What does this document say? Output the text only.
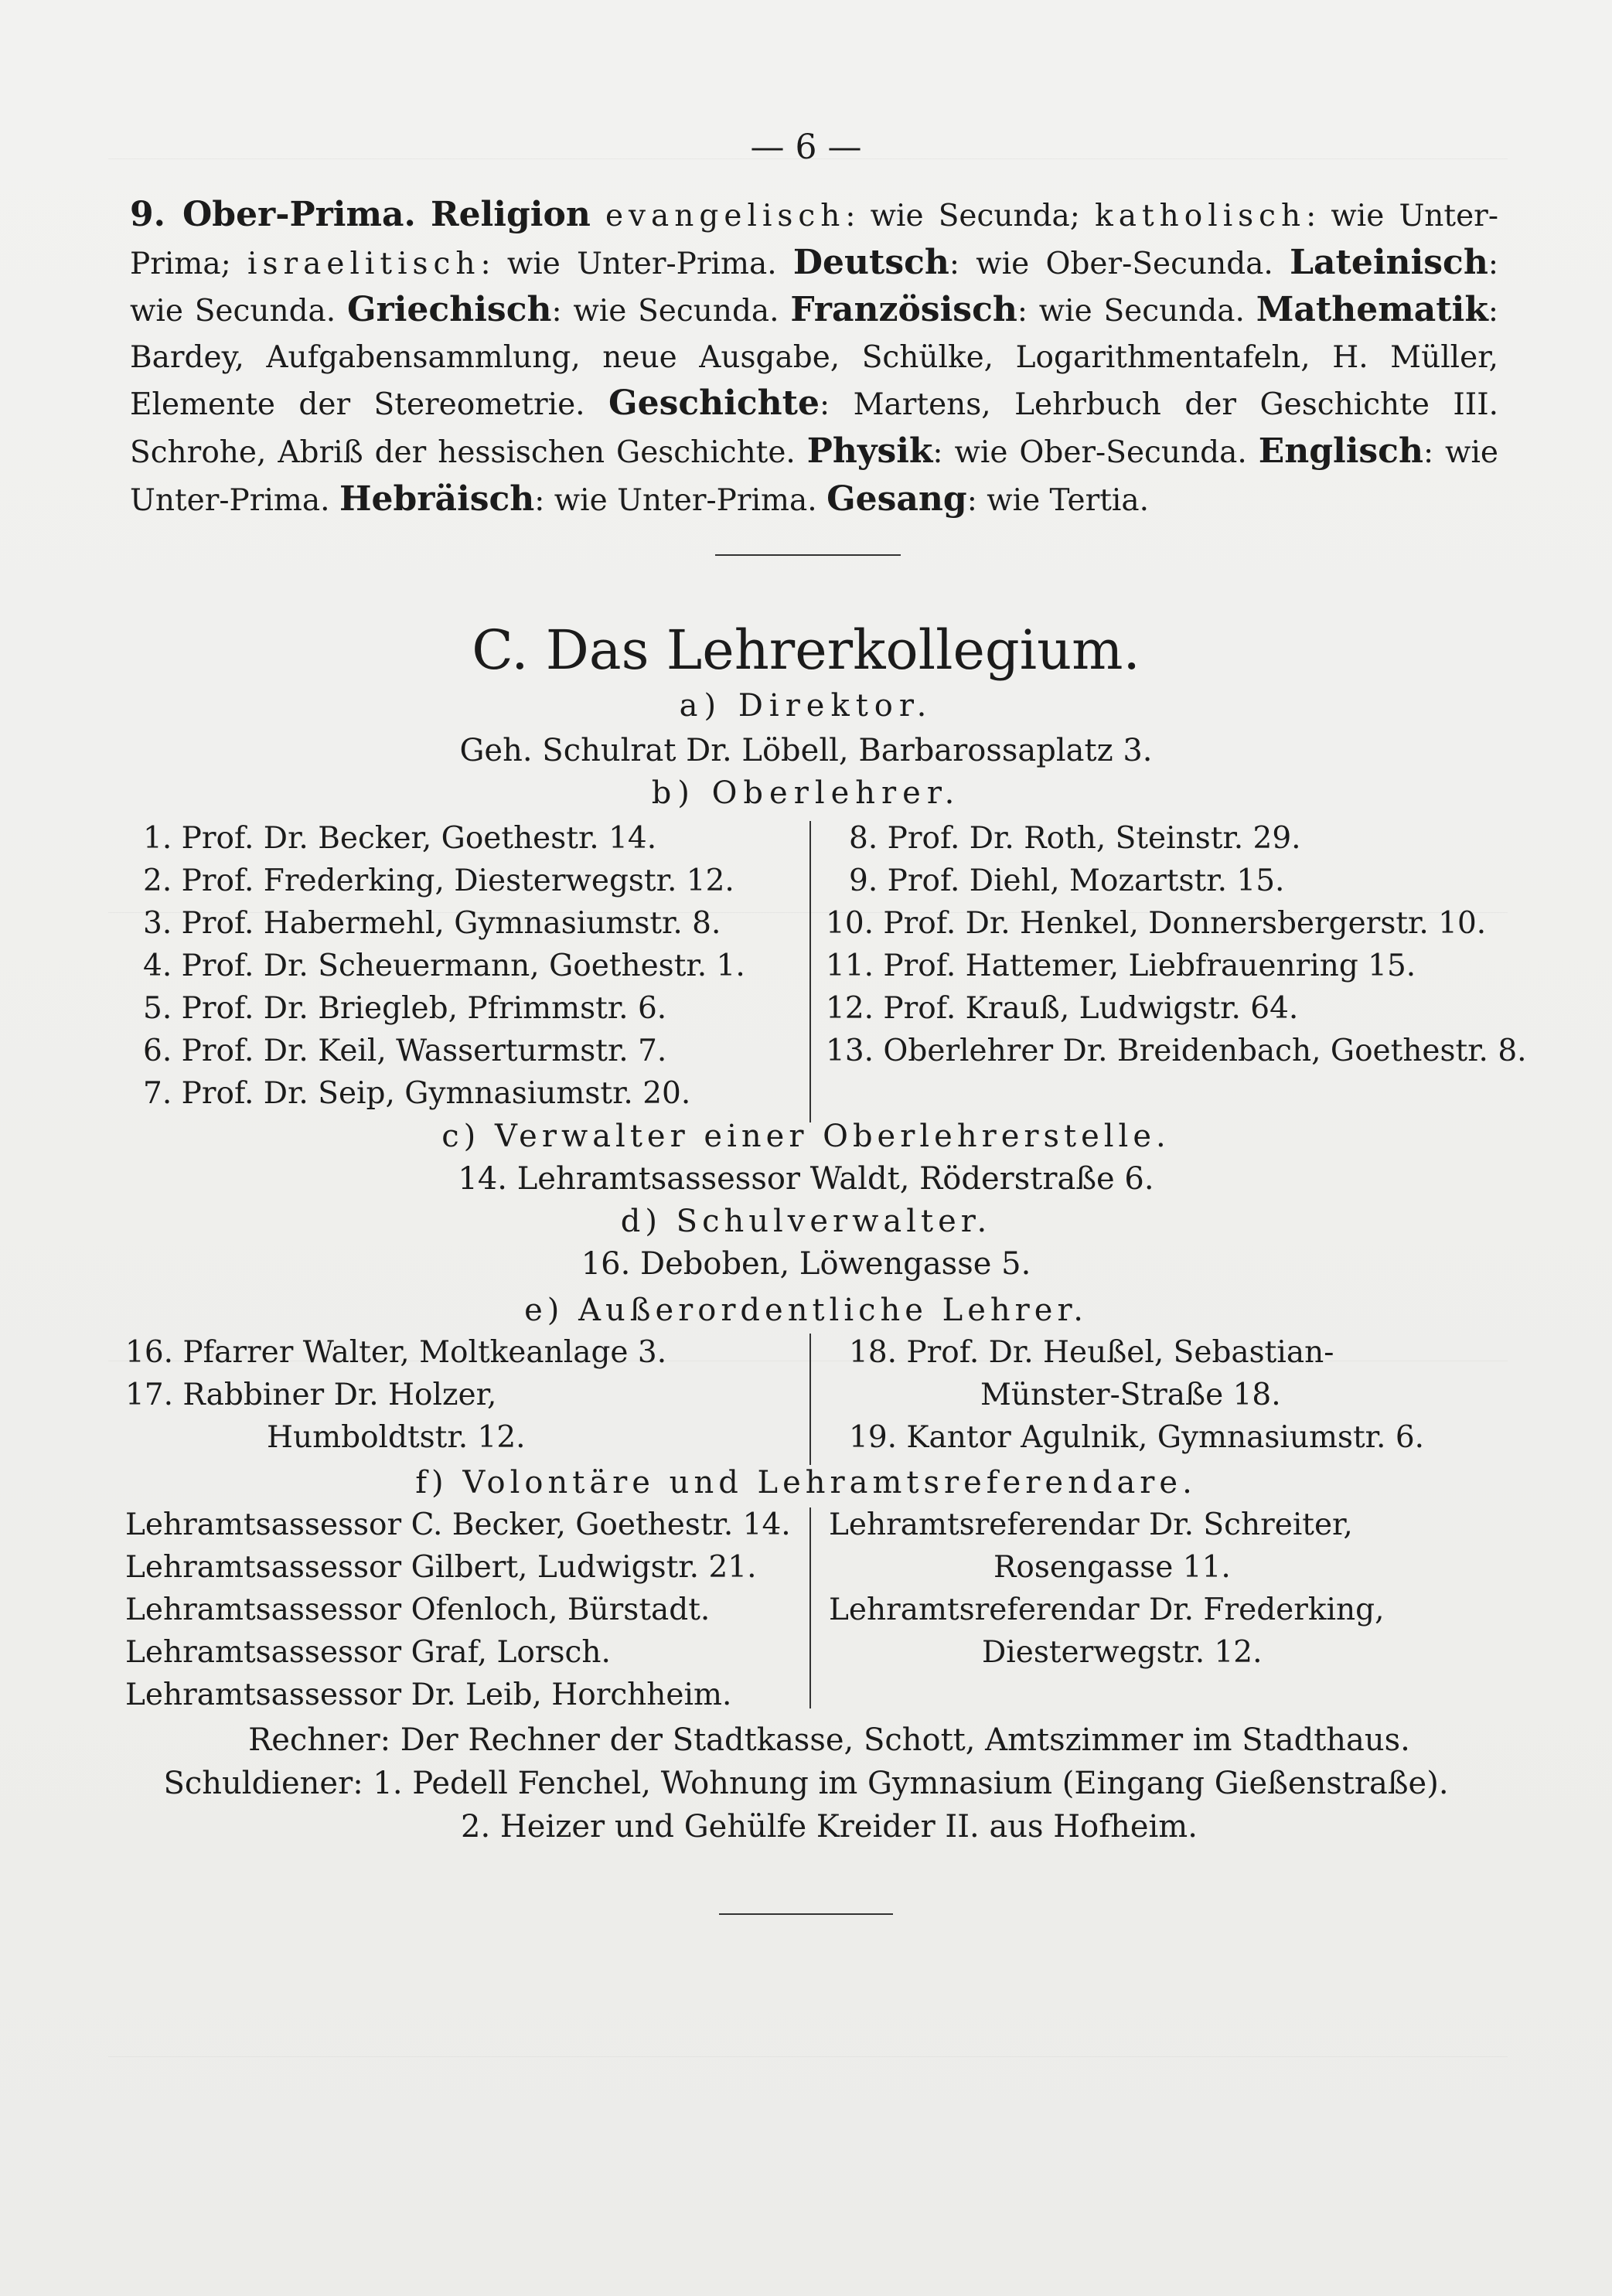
— 6 —
9. Ober-Prima. Religion evangelisch: wie Secunda; katholisch: wie Unter-Prima; israelitisch: wie Unter-Prima. Deutsch: wie Ober-Secunda. Lateinisch: wie Secunda. Griechisch: wie Secunda. Französisch: wie Secunda. Mathematik: Bardey, Aufgabensammlung, neue Ausgabe, Schülke, Logarithmentafeln, H. Müller, Elemente der Stereometrie. Geschichte: Martens, Lehrbuch der Geschichte III. Schrohe, Abriß der hessischen Geschichte. Physik: wie Ober-Secunda. Englisch: wie Unter-Prima. Hebräisch: wie Unter-Prima. Gesang: wie Tertia.
C. Das Lehrerkollegium.
a) Direktor.
Geh. Schulrat Dr. Löbell, Barbarossaplatz 3.
b) Oberlehrer.
1. Prof. Dr. Becker, Goethestr. 14.
2. Prof. Frederking, Diesterwegstr. 12.
3. Prof. Habermehl, Gymnasiumstr. 8.
4. Prof. Dr. Scheuermann, Goethestr. 1.
5. Prof. Dr. Briegleb, Pfrimmstr. 6.
6. Prof. Dr. Keil, Wasserturmstr. 7.
7. Prof. Dr. Seip, Gymnasiumstr. 20.
8. Prof. Dr. Roth, Steinstr. 29.
9. Prof. Diehl, Mozartstr. 15.
10. Prof. Dr. Henkel, Donnersbergerstr. 10.
11. Prof. Hattemer, Liebfrauenring 15.
12. Prof. Krauß, Ludwigstr. 64.
13. Oberlehrer Dr. Breidenbach, Goethestr. 8.
c) Verwalter einer Oberlehrerstelle.
14. Lehramtsassessor Waldt, Röderstraße 6.
d) Schulverwalter.
16. Deboben, Löwengasse 5.
e) Außerordentliche Lehrer.
16. Pfarrer Walter, Moltkeanlage 3.
17. Rabbiner Dr. Holzer,
Humboldtstr. 12.
18. Prof. Dr. Heußel, Sebastian-
Münster-Straße 18.
19. Kantor Agulnik, Gymnasiumstr. 6.
f) Volontäre und Lehramtsreferendare.
Lehramtsassessor C. Becker, Goethestr. 14.
Lehramtsassessor Gilbert, Ludwigstr. 21.
Lehramtsassessor Ofenloch, Bürstadt.
Lehramtsassessor Graf, Lorsch.
Lehramtsassessor Dr. Leib, Horchheim.
Lehramtsreferendar Dr. Schreiter,
Rosengasse 11.
Lehramtsreferendar Dr. Frederking,
Diesterwegstr. 12.
Rechner: Der Rechner der Stadtkasse, Schott, Amtszimmer im Stadthaus.
Schuldiener: 1. Pedell Fenchel, Wohnung im Gymnasium (Eingang Gießenstraße).
2. Heizer und Gehülfe Kreider II. aus Hofheim.
